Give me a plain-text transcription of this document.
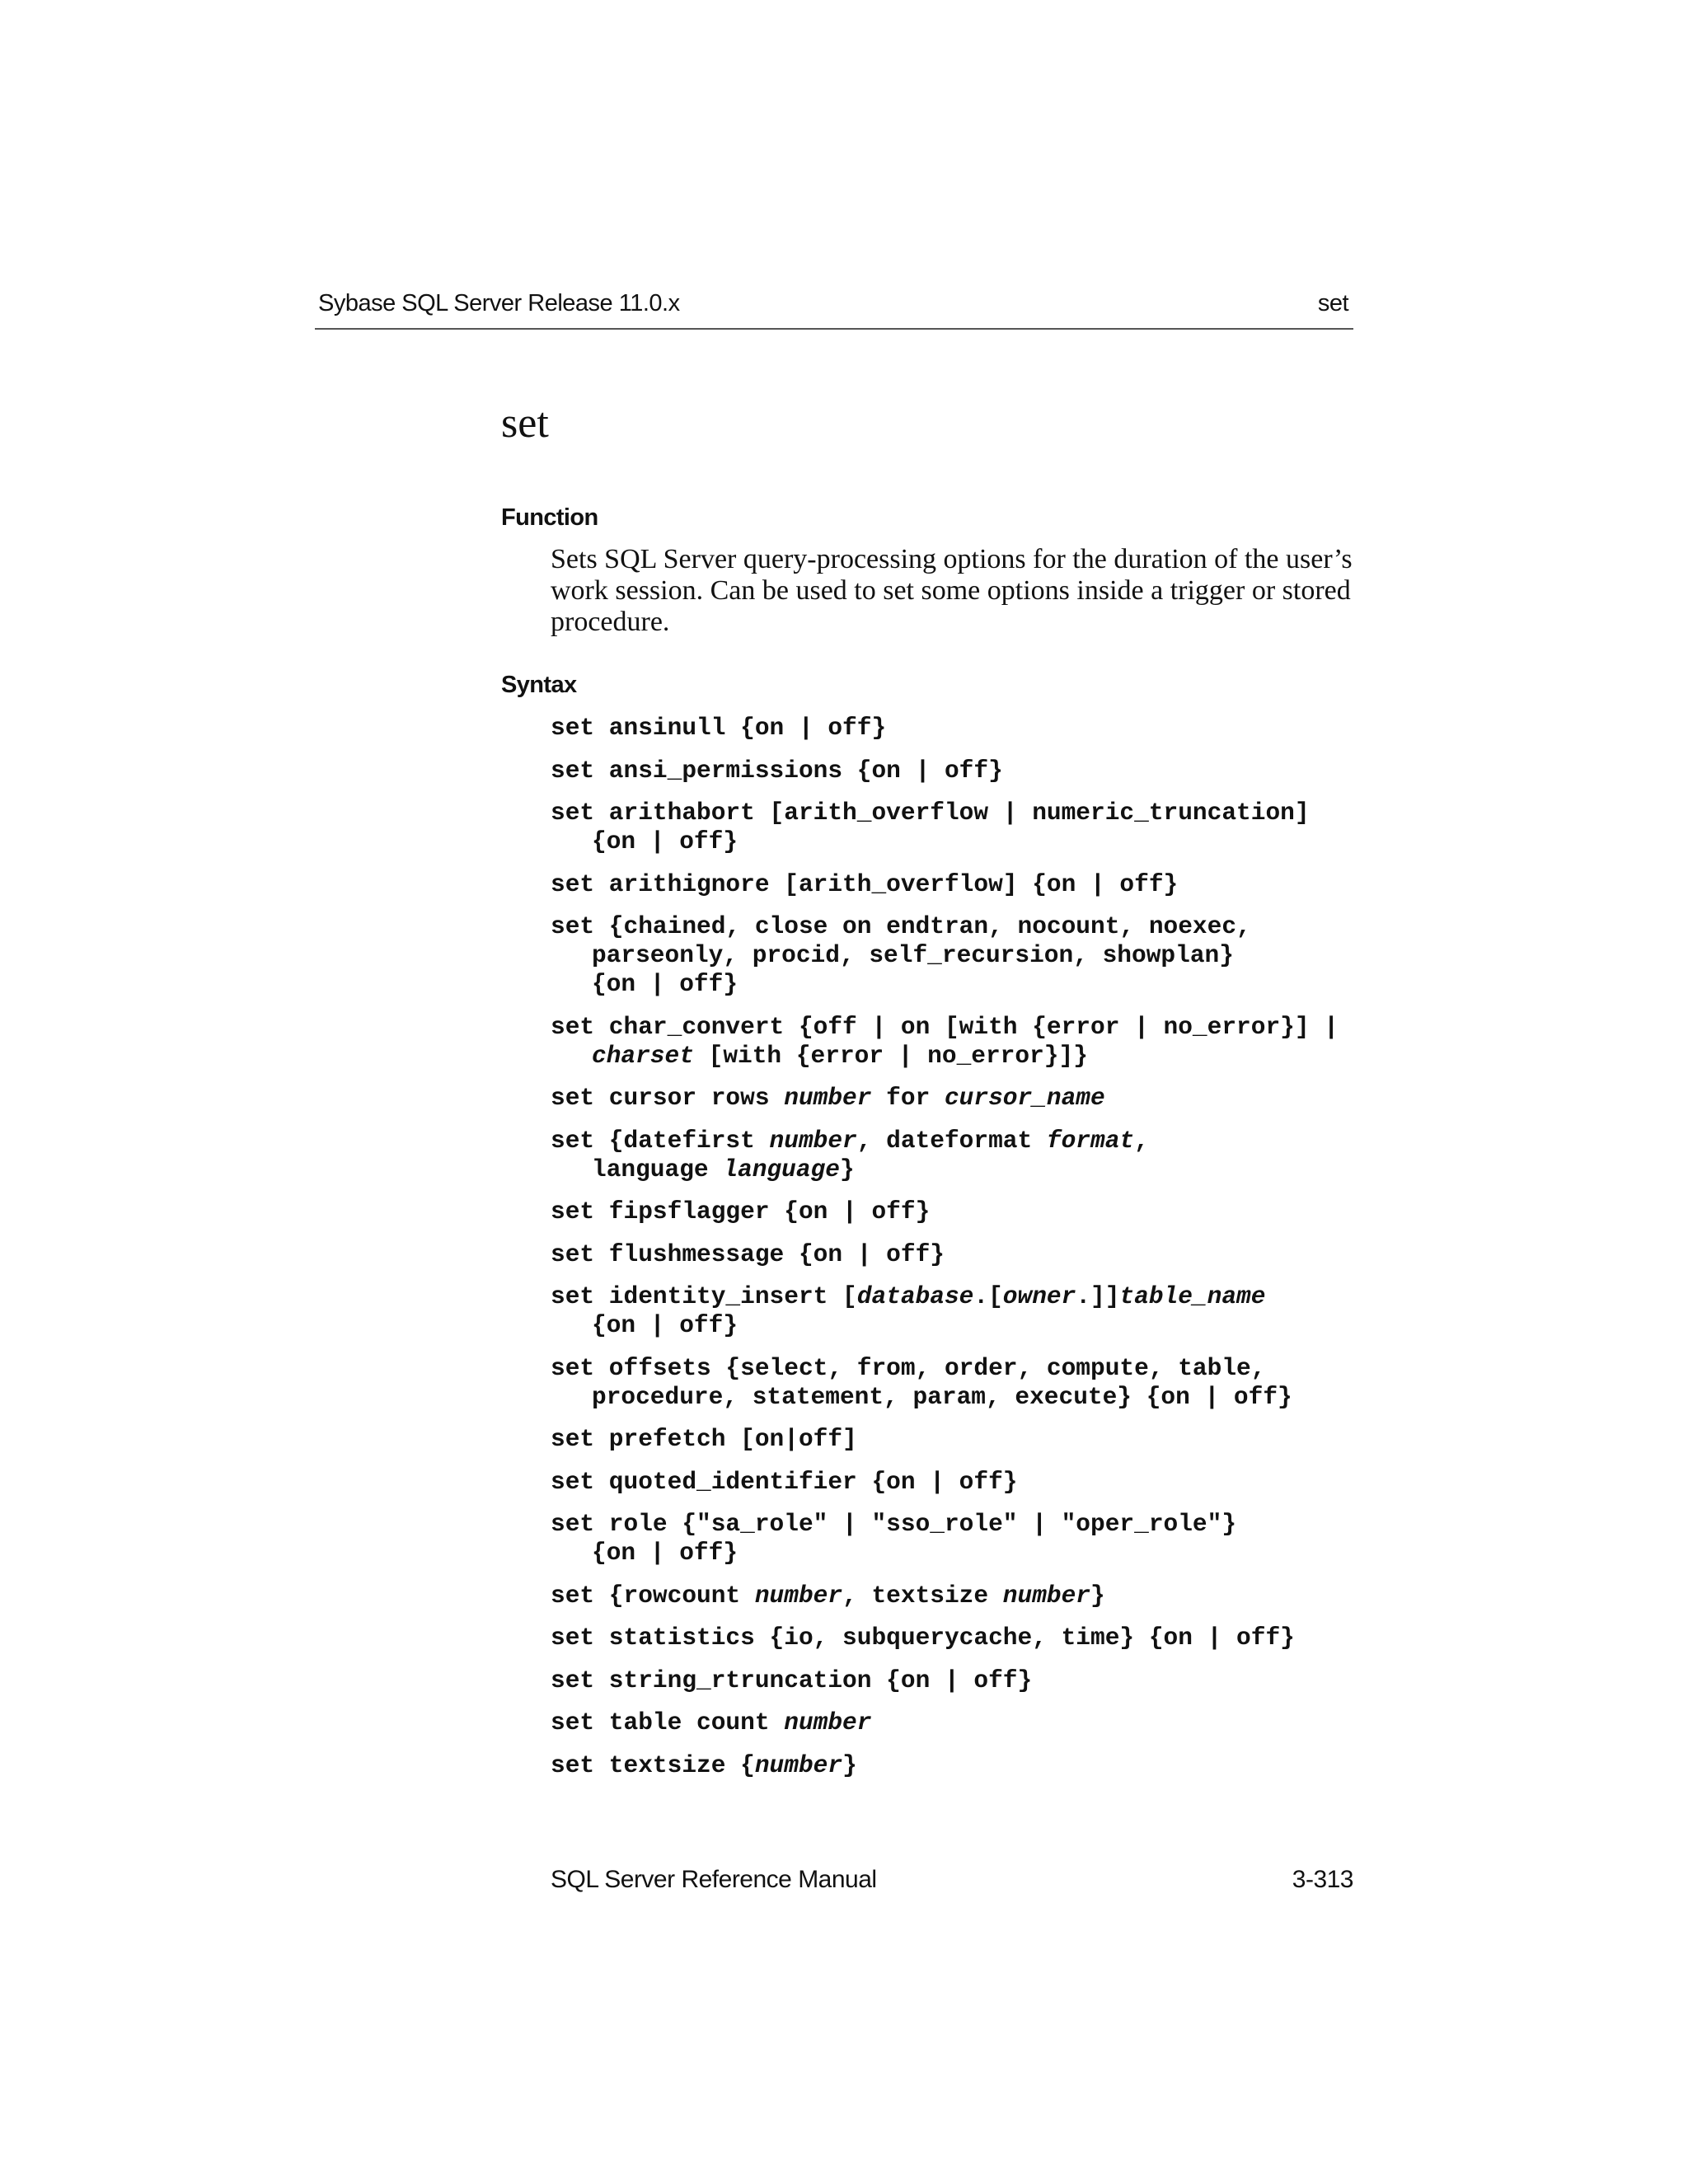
Sybase SQL Server Release 11.0.x	set
set
Function

Sets SQL Server query-processing options for the duration of the user’s work session. Can be used to set some options inside a trigger or stored procedure.

Syntax
set ansinull {on | off}
set ansi_permissions {on | off}
set arithabort [arith_overflow | numeric_truncation]
{on | off}
set arithignore [arith_overflow] {on | off}
set {chained, close on endtran, nocount, noexec,
parseonly, procid, self_recursion, showplan}
{on | off}
set char_convert {off | on [with {error | no_error}] |
charset [with {error | no_error}]}
set cursor rows number for cursor_name
set {datefirst number, dateformat format,
language language}
set fipsflagger {on | off}
set flushmessage {on | off}
set identity_insert [database.[owner.]]table_name
{on | off}
set offsets {select, from, order, compute, table,
procedure, statement, param, execute} {on | off}
set prefetch [on|off]
set quoted_identifier {on | off}
set role {"sa_role" | "sso_role" | "oper_role"}
{on | off}
set {rowcount number, textsize number}
set statistics {io, subquerycache, time} {on | off}
set string_rtruncation {on | off}
set table count number
set textsize {number}
SQL Server Reference Manual	3-313
